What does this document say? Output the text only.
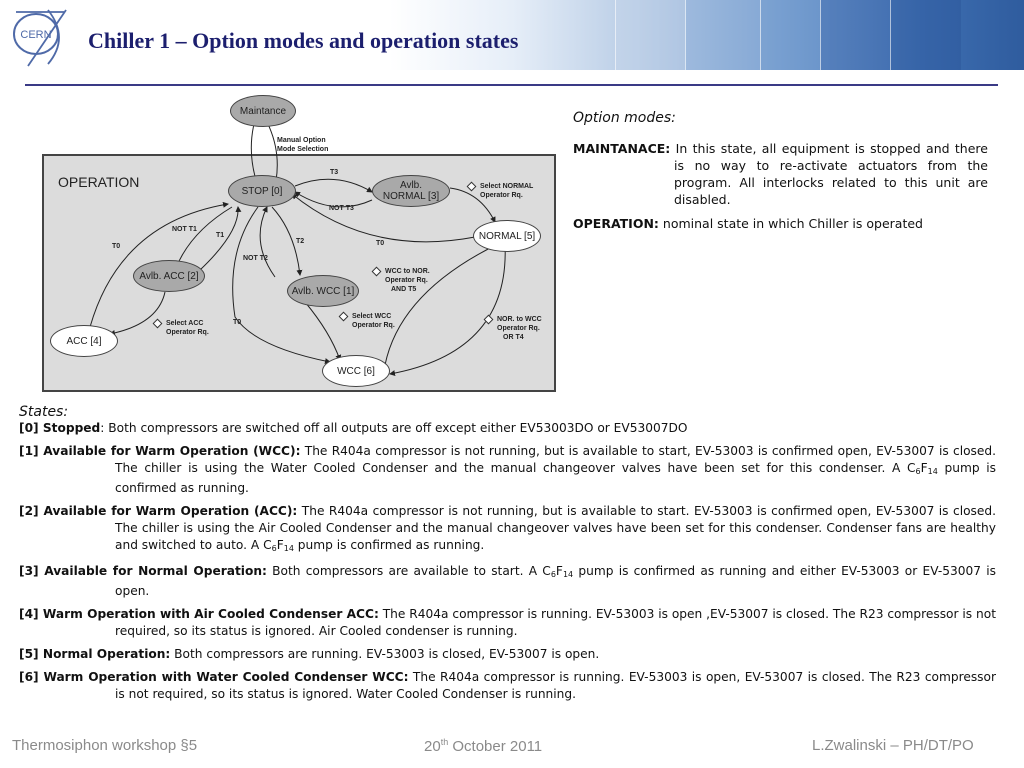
CERN Chiller 1 – Option modes and operation states
OPERATION
Maintance
STOP [0]	Avlb.
NORMAL [3]
NORMAL [5]
Avlb. ACC [2]
Avlb. WCC [1]
ACC [4]
WCC [6]
Manual Option
Mode Selection
T3
NOT T3
T0
T0
T0
NOT T1
T1
T2
NOT T2
Select NORMAL
Operator Rq.
Select ACC
Operator Rq.
Select WCC
Operator Rq.
WCC to NOR.
Operator Rq.
AND T5
NOR. to WCC
Operator Rq.
OR T4
Option modes:

MAINTANACE: In this state, all equipment is stopped and there is no way to re-activate actuators from the program. All interlocks related to this unit are disabled.

OPERATION: nominal state in which Chiller is operated

States:

[0] Stopped: Both compressors are switched off all outputs are off except either EV53003DO or EV53007DO

[1] Available for Warm Operation (WCC): The R404a compressor is not running, but is available to start, EV-53003 is confirmed open, EV-53007 is closed. The chiller is using the Water Cooled Condenser and the manual changeover valves have been set for this condenser. A $C_6F_{14}$ pump is confirmed as running.

[2] Available for Warm Operation (ACC): The R404a compressor is not running, but is available to start. EV-53003 is confirmed open, EV-53007 is closed. The chiller is using the Air Cooled Condenser and the manual changeover valves have been set for this condenser. Condenser fans are healthy and switched to auto. A $C_6F_{14}$ pump is confirmed as running.

[3] Available for Normal Operation: Both compressors are available to start. A $C_6F_{14}$ pump is confirmed as running and either EV-53003 or EV-53007 is open.

[4] Warm Operation with Air Cooled Condenser ACC: The R404a compressor is running. EV-53003 is open ,EV-53007 is closed. The R23 compressor is not required, so its status is ignored. Air Cooled condenser is running.

[5] Normal Operation: Both compressors are running. EV-53003 is closed, EV-53007 is open.

[6] Warm Operation with Water Cooled Condenser WCC: The R404a compressor is running. EV-53003 is open, EV-53007 is closed. The R23 compressor is not required, so its status is ignored. Water Cooled Condenser is running.

Thermosiphon workshop §5	20th October 2011	L.Zwalinski – PH/DT/PO
